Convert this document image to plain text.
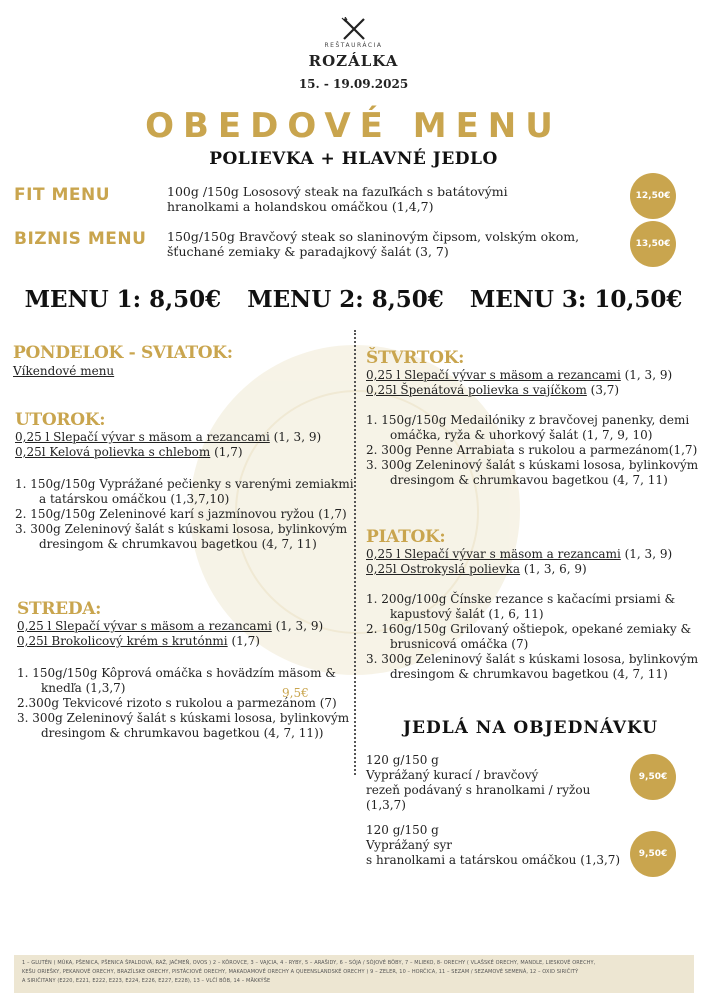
REŠTAURÁCIA
ROZÁLKA
15. - 19.09.2025
OBEDOVÉ MENU
POLIEVKA + HLAVNÉ JEDLO
FIT MENU	100g /150g Lososový steak na fazuľkách s batátovými
hranolkami a holandskou omáčkou (1,4,7)
12,50€
BIZNIS MENU 150g/150g Bravčový steak so slaninovým čipsom, volským okom,
šťuchané zemiaky & paradajkový šalát (3, 7)	13,50€
MENU 1: 8,50€ MENU 2: 8,50€ MENU 3: 10,50€
PONDELOK - SVIATOK:
Víkendové menu
UTOROK:
0,25 l Slepačí vývar s mäsom a rezancami (1, 3, 9)
0,25l Kelová polievka s chlebom (1,7)
1. 150g/150g Vyprážané pečienky s varenými zemiakmi
a tatárskou omáčkou (1,3,7,10)
2. 150g/150g Zeleninové karí s jazmínovou ryžou (1,7)
3. 300g Zeleninový šalát s kúskami lososa, bylinkovým
dresingom & chrumkavou bagetkou (4, 7, 11)
STREDA:
0,25 l Slepačí vývar s mäsom a rezancami (1, 3, 9)
0,25l Brokolicový krém s krutónmi (1,7)
1. 150g/150g Kôprová omáčka s hovädzím mäsom &
knedľa (1,3,7)
2.300g Tekvicové rizoto s rukolou a parmezánom (7)
3. 300g Zeleninový šalát s kúskami lososa, bylinkovým
dresingom & chrumkavou bagetkou (4, 7, 11))
9,5€
ŠTVRTOK:
0,25 l Slepačí vývar s mäsom a rezancami (1, 3, 9)
0,25l Špenátová polievka s vajíčkom (3,7)
1. 150g/150g Medailóniky z bravčovej panenky, demi
omáčka, ryža & uhorkový šalát (1, 7, 9, 10)
2. 300g Penne Arrabiata s rukolou a parmezánom(1,7)
3. 300g Zeleninový šalát s kúskami lososa, bylinkovým
dresingom & chrumkavou bagetkou (4, 7, 11)
PIATOK:
0,25 l Slepačí vývar s mäsom a rezancami (1, 3, 9)
0,25l Ostrokyslá polievka (1, 3, 6, 9)
1. 200g/100g Čínske rezance s kačacími prsiami &
kapustový šalát (1, 6, 11)
2. 160g/150g Grilovaný oštiepok, opekané zemiaky &
brusnicová omáčka (7)
3. 300g Zeleninový šalát s kúskami lososa, bylinkovým
dresingom & chrumkavou bagetkou (4, 7, 11)
JEDLÁ NA OBJEDNÁVKU
120 g/150 g
Vyprážaný kurací / bravčový
rezeň podávaný s hranolkami / ryžou
(1,3,7)
9,50€
120 g/150 g
Vyprážaný syr
s hranolkami a tatárskou omáčkou (1,3,7)	9,50€
1 – GLUTÉN ( MÚKA, PŠENICA, PŠENICA ŠPALDOVÁ, RAŽ, JAČMEŇ, OVOS ) 2 – KÔROVCE, 3 – VAJCIA, 4 - RYBY, 5 – ARAŠIDY, 6 – SÓJA / SÓJOVÉ BÔBY, 7 – MLIEKO, 8- ORECHY ( VLAŠSKÉ ORECHY, MANDLE, LIESKOVÉ ORECHY,
KEŠU ORIEŠKY, PEKANOVÉ ORECHY, BRAZÍLSKE ORECHY, PISTÁCIOVÉ ORECHY, MAKADAMOVÉ ORECHY A QUEENSLANDSKÉ ORECHY ) 9 – ZELER, 10 – HORČICA, 11 – SEZAM / SEZAMOVÉ SEMENÁ, 12 – OXID SIRIČITÝ
A SIRIČITANY (E220, E221, E222, E223, E224, E226, E227, E228), 13 – VLČÍ BÔB, 14 – MÄKKÝŠE
